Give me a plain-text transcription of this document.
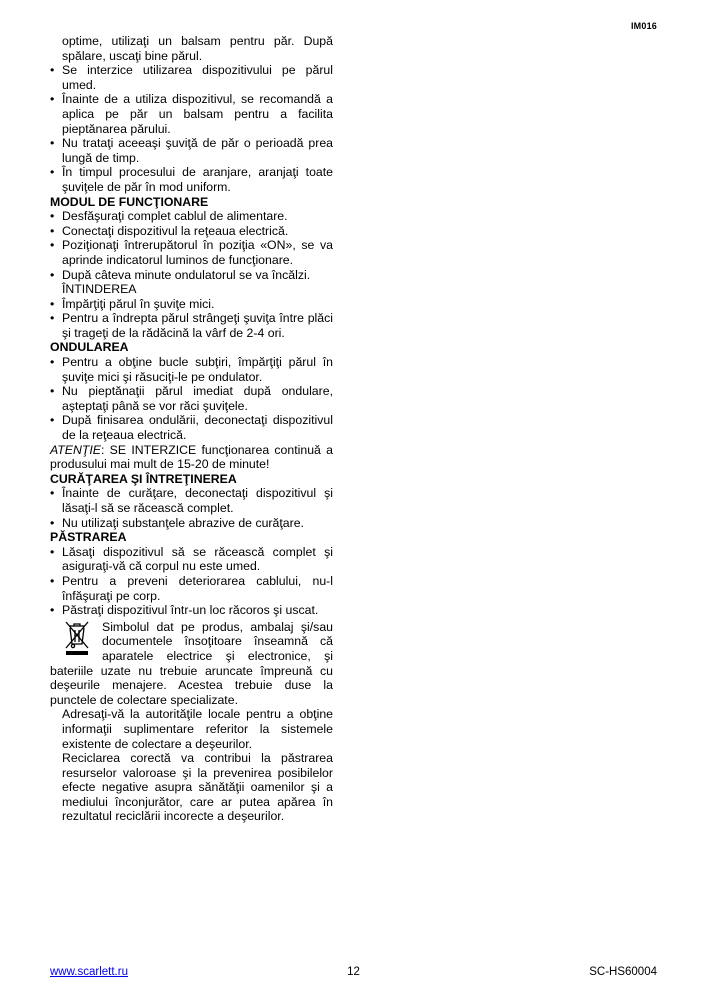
IM016

optime, utilizaţi un balsam pentru păr. După spălare, uscaţi bine părul.

• Se interzice utilizarea dispozitivului pe părul umed.
• Înainte de a utiliza dispozitivul, se recomandă a aplica pe păr un balsam pentru a facilita pieptănarea părului.
• Nu trataţi aceeaşi şuviţă de păr o perioadă prea lungă de timp.
• În timpul procesului de aranjare, aranjaţi toate şuviţele de păr în mod uniform.

MODUL DE FUNCŢIONARE

• Desfăşuraţi complet cablul de alimentare.
• Conectaţi dispozitivul la reţeaua electrică.
• Poziţionaţi întrerupătorul în poziţia «ON», se va aprinde indicatorul luminos de funcţionare.
• După câteva minute ondulatorul se va încălzi.

ÎNTINDEREA

• Împărţiţi părul în şuviţe mici.
• Pentru a îndrepta părul strângeţi şuviţa între plăci şi trageţi de la rădăcină la vârf de 2-4 ori.

ONDULAREA

• Pentru a obţine bucle subţiri, împărţiţi părul în şuviţe mici şi răsuciţi-le pe ondulator.
• Nu pieptănaţii părul imediat după ondulare, aşteptaţi până se vor răci şuviţele.
• După finisarea ondulării, deconectaţi dispozitivul de la reţeaua electrică.

ATENŢIE: SE INTERZICE funcţionarea continuă a produsului mai mult de 15-20 de minute!

CURĂŢAREA ŞI ÎNTREŢINEREA

• Înainte de curăţare, deconectaţi dispozitivul şi lăsaţi-l să se răcească complet.
• Nu utilizaţi substanţele abrazive de curăţare.

PĂSTRAREA

• Lăsaţi dispozitivul să se răcească complet şi asiguraţi-vă că corpul nu este umed.
• Pentru a preveni deteriorarea cablului, nu-l înfăşuraţi pe corp.
• Păstraţi dispozitivul într-un loc răcoros şi uscat.

Simbolul dat pe produs, ambalaj şi/sau documentele însoţitoare înseamnă că aparatele electrice şi electronice, şi bateriile uzate nu trebuie aruncate împreună cu deşeurile menajere. Acestea trebuie duse la punctele de colectare specializate.

Adresaţi-vă la autorităţile locale pentru a obţine informaţii suplimentare referitor la sistemele existente de colectare a deşeurilor.

Reciclarea corectă va contribui la păstrarea resurselor valoroase şi la prevenirea posibilelor efecte negative asupra sănătăţii oamenilor şi a mediului înconjurător, care ar putea apărea în rezultatul reciclării incorecte a deşeurilor.

www.scarlett.ru	12	SC-HS60004
